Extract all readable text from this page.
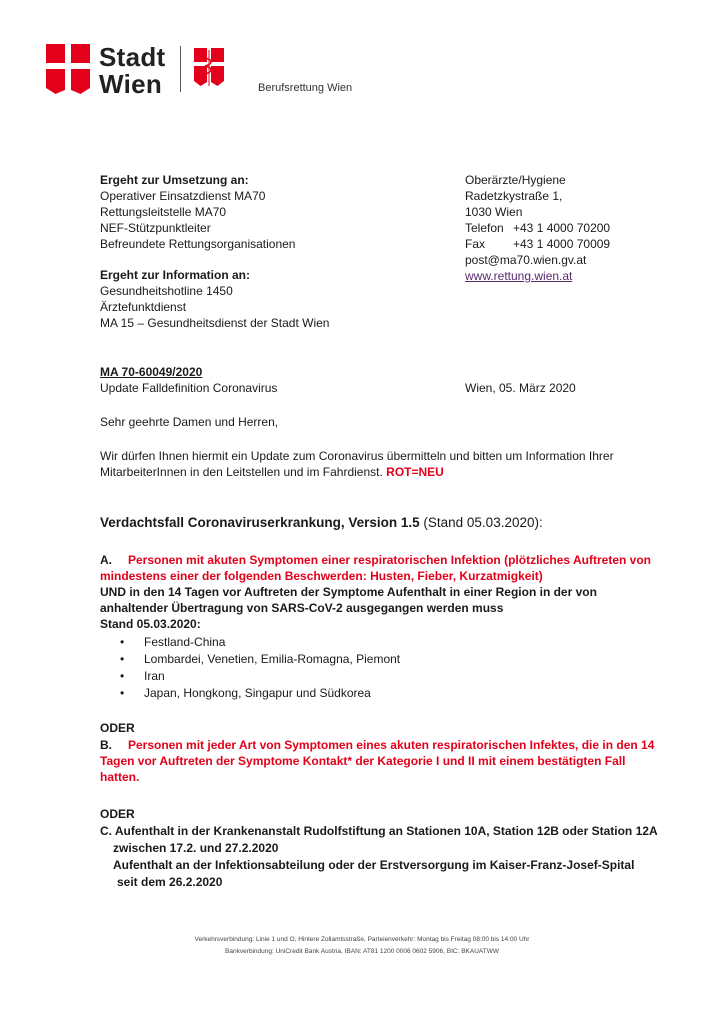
Stadt
Wien	Berufsrettung Wien
Ergeht zur Umsetzung an:
Operativer Einsatzdienst MA70
Rettungsleitstelle MA70
NEF-Stützpunktleiter
Befreundete Rettungsorganisationen
Ergeht zur Information an:
Gesundheitshotline 1450
Ärztefunktdienst
MA 15 – Gesundheitsdienst der Stadt Wien
Oberärzte/Hygiene
Radetzkystraße 1,
1030 Wien
Telefon +43 1 4000 70200
Fax +43 1 4000 70009
post@ma70.wien.gv.at
www.rettung.wien.at
MA 70-60049/2020
Update Falldefinition Coronavirus	Wien, 05. März 2020
Sehr geehrte Damen und Herren,
Wir dürfen Ihnen hiermit ein Update zum Coronavirus übermitteln und bitten um Information Ihrer
MitarbeiterInnen in den Leitstellen und im Fahrdienst. ROT=NEU
Verdachtsfall Coronaviruserkrankung, Version 1.5 (Stand 05.03.2020):
A. Personen mit akuten Symptomen einer respiratorischen Infektion (plötzliches Auftreten von
mindestens einer der folgenden Beschwerden: Husten, Fieber, Kurzatmigkeit)
UND in den 14 Tagen vor Auftreten der Symptome Aufenthalt in einer Region in der von
anhaltender Übertragung von SARS-CoV-2 ausgegangen werden muss
Stand 05.03.2020:
• Festland-China
• Lombardei, Venetien, Emilia-Romagna, Piemont
• Iran
• Japan, Hongkong, Singapur und Südkorea
ODER
B. Personen mit jeder Art von Symptomen eines akuten respiratorischen Infektes, die in den 14
Tagen vor Auftreten der Symptome Kontakt* der Kategorie I und II mit einem bestätigten Fall
hatten.
ODER
C. Aufenthalt in der Krankenanstalt Rudolfstiftung an Stationen 10A, Station 12B oder Station 12A
zwischen 17.2. und 27.2.2020
Aufenthalt an der Infektionsabteilung oder der Erstversorgung im Kaiser-Franz-Josef-Spital
seit dem 26.2.2020
Verkehrsverbindung: Linie 1 und O, Hintere Zollamtsstraße, Parteienverkehr: Montag bis Freitag 08:00 bis 14:00 Uhr
Bankverbindung: UniCredit Bank Austria, IBAN: AT81 1200 0006 0602 5906, BIC: BKAUATWW
